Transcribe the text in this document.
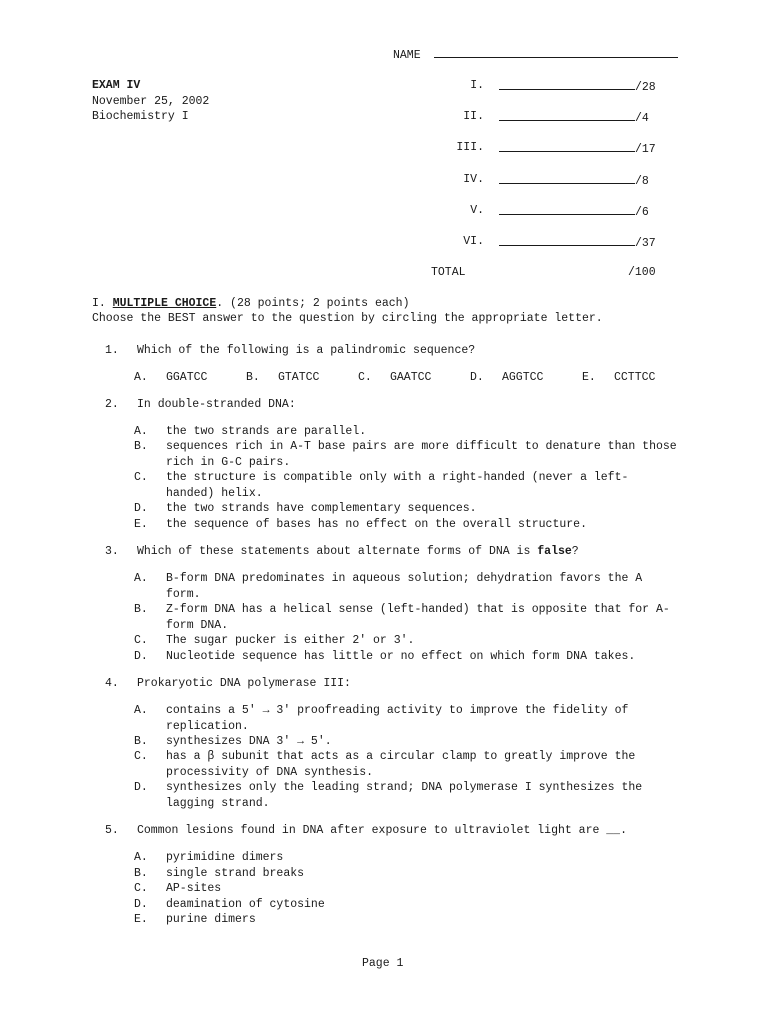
NAME
EXAM IV
November 25, 2002
Biochemistry I
I.	/28
II.	/4
III.	/17
IV.	/8
V.	/6
VI.	/37
TOTAL	/100
I. MULTIPLE CHOICE. (28 points; 2 points each)
Choose the BEST answer to the question by circling the appropriate letter.
1. Which of the following is a palindromic sequence?
A. GGATCC	B. GTATCC	C. GAATCC	D. AGGTCC	E. CCTTCC
2. In double-stranded DNA:
A. the two strands are parallel.
B. sequences rich in A-T base pairs are more difficult to denature than those rich in G-C pairs.
C. the structure is compatible only with a right-handed (never a left-handed) helix.
D. the two strands have complementary sequences.
E. the sequence of bases has no effect on the overall structure.
3. Which of these statements about alternate forms of DNA is false?
A. B-form DNA predominates in aqueous solution; dehydration favors the A form.
B. Z-form DNA has a helical sense (left-handed) that is opposite that for A-form DNA.
C. The sugar pucker is either 2' or 3'.
D. Nucleotide sequence has little or no effect on which form DNA takes.
4. Prokaryotic DNA polymerase III:
A. contains a 5' → 3' proofreading activity to improve the fidelity of replication.
B. synthesizes DNA 3' → 5'.
C. has a β subunit that acts as a circular clamp to greatly improve the processivity of DNA synthesis.
D. synthesizes only the leading strand; DNA polymerase I synthesizes the lagging strand.
5. Common lesions found in DNA after exposure to ultraviolet light are __.
A. pyrimidine dimers
B. single strand breaks
C. AP-sites
D. deamination of cytosine
E. purine dimers
Page 1
